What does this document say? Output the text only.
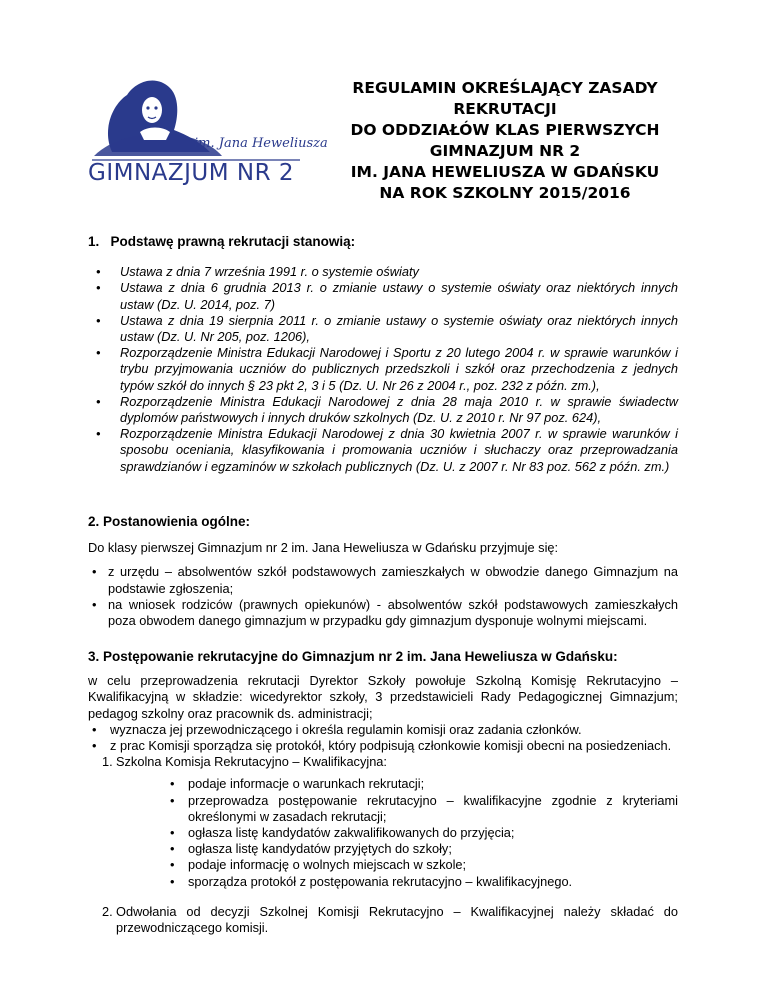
im. Jana Heweliusza
GIMNAZJUM NR 2
REGULAMIN OKREŚLAJĄCY ZASADY
REKRUTACJI
DO ODDZIAŁÓW KLAS PIERWSZYCH
GIMNAZJUM NR 2
IM. JANA HEWELIUSZA W GDAŃSKU
NA ROK SZKOLNY 2015/2016
1.   Podstawę prawną rekrutacji stanowią:
• Ustawa z dnia 7 września 1991 r. o systemie oświaty
• Ustawa z dnia 6 grudnia 2013 r. o zmianie ustawy o systemie oświaty oraz niektórych innych ustaw (Dz. U. 2014, poz. 7)
• Ustawa z dnia 19 sierpnia 2011 r. o zmianie ustawy o systemie oświaty oraz niektórych innych ustaw (Dz. U. Nr 205, poz. 1206),
• Rozporządzenie Ministra Edukacji Narodowej i Sportu z 20 lutego 2004 r. w sprawie warunków i trybu przyjmowania uczniów do publicznych przedszkoli i szkół oraz przechodzenia z jednych typów szkół do innych § 23 pkt 2, 3 i 5 (Dz. U. Nr 26 z 2004 r., poz. 232 z późn. zm.),
• Rozporządzenie Ministra Edukacji Narodowej z dnia 28 maja 2010 r. w sprawie świadectw dyplomów państwowych i innych druków szkolnych (Dz. U. z 2010 r. Nr 97 poz. 624),
• Rozporządzenie Ministra Edukacji Narodowej z dnia 30 kwietnia 2007 r. w sprawie warunków i sposobu oceniania, klasyfikowania i promowania uczniów i słuchaczy oraz przeprowadzania sprawdzianów i egzaminów w szkołach publicznych (Dz. U. z 2007 r. Nr 83 poz. 562 z późn. zm.)
2. Postanowienia ogólne:
Do klasy pierwszej Gimnazjum nr 2 im. Jana Heweliusza w Gdańsku przyjmuje się:
• z urzędu – absolwentów szkół podstawowych zamieszkałych w obwodzie danego Gimnazjum na podstawie zgłoszenia;
• na wniosek rodziców (prawnych opiekunów) - absolwentów szkół podstawowych zamieszkałych poza obwodem danego gimnazjum w przypadku gdy gimnazjum dysponuje wolnymi miejscami.
3. Postępowanie rekrutacyjne do Gimnazjum nr 2 im. Jana Heweliusza w Gdańsku:
w celu przeprowadzenia rekrutacji Dyrektor Szkoły powołuje Szkolną Komisję Rekrutacyjno – Kwalifikacyjną w składzie: wicedyrektor szkoły, 3 przedstawicieli Rady Pedagogicznej Gimnazjum; pedagog szkolny oraz pracownik ds. administracji;
• wyznacza jej przewodniczącego i określa regulamin komisji oraz zadania członków.
• z prac Komisji sporządza się protokół, który podpisują członkowie komisji obecni na posiedzeniach.
1. Szkolna Komisja Rekrutacyjno – Kwalifikacyjna:
• podaje informacje o warunkach rekrutacji;
• przeprowadza postępowanie rekrutacyjno – kwalifikacyjne zgodnie z kryteriami określonymi w zasadach rekrutacji;
• ogłasza listę kandydatów zakwalifikowanych do przyjęcia;
• ogłasza listę kandydatów przyjętych do szkoły;
• podaje informację o wolnych miejscach w szkole;
• sporządza protokół z postępowania rekrutacyjno – kwalifikacyjnego.
2. Odwołania od decyzji Szkolnej Komisji Rekrutacyjno – Kwalifikacyjnej należy składać do przewodniczącego komisji.
